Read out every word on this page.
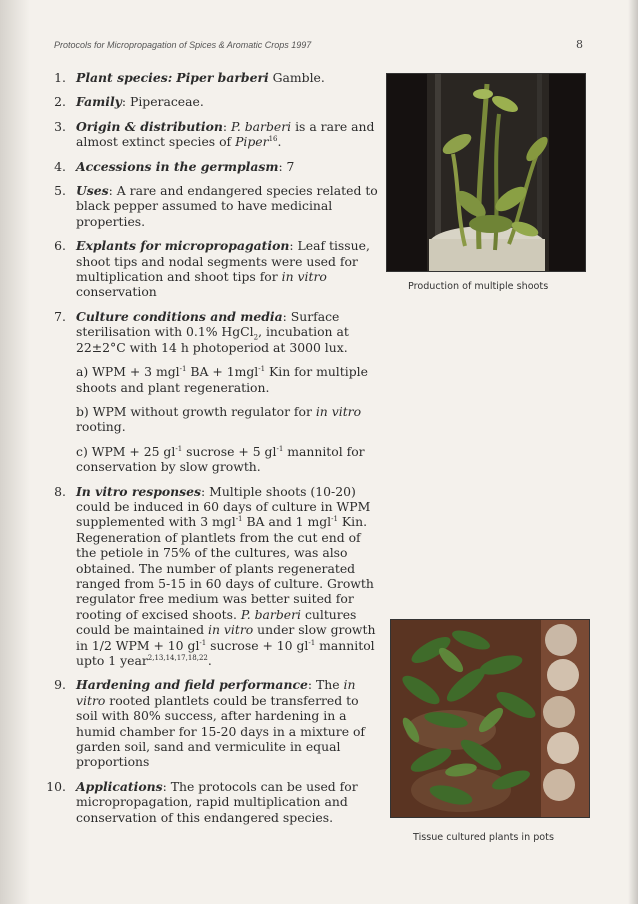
Protocols for Micropropagation of Spices & Aromatic Crops 1997	8
1. Plant species: Piper barberi Gamble.
2. Family: Piperaceae.
3. Origin & distribution: P. barberi is a rare and almost extinct species of Piper$^{16}$.
4. Accessions in the germplasm: 7
5. Uses: A rare and endangered species related to black pepper assumed to have medicinal properties.
6. Explants for micropropagation: Leaf tissue, shoot tips and nodal segments were used for multiplication and shoot tips for in vitro conservation
7. Culture conditions and media: Surface sterilisation with 0.1% HgCl$_2$, incubation at 22±2°C with 14 h photoperiod at 3000 lux.
a) WPM + 3 mgl$^{-1}$ BA + 1mgl$^{-1}$ Kin for multiple shoots and plant regeneration.
b) WPM without growth regulator for in vitro rooting.
c) WPM + 25 $gl^{-1}$ sucrose + 5 $gl^{-1}$ mannitol for conservation by slow growth.
8. In vitro responses: Multiple shoots (10-20) could be induced in 60 days of culture in WPM supplemented with 3 mgl$^{-1}$ BA and 1 mgl$^{-1}$ Kin. Regeneration of plantlets from the cut end of the petiole in 75% of the cultures, was also obtained. The number of plants regenerated ranged from 5-15 in 60 days of culture. Growth regulator free medium was better suited for rooting of excised shoots. P. barberi cultures could be maintained in vitro under slow growth in 1/2 WPM + 10 $gl^{-1}$ sucrose + 10 $gl^{-1}$ mannitol upto 1 year$^{2,13,14,17,18,22}$.
9. Hardening and field performance: The in vitro rooted plantlets could be transferred to soil with 80% success, after hardening in a humid chamber for 15-20 days in a mixture of garden soil, sand and vermiculite in equal proportions
10. Applications: The protocols can be used for micropropagation, rapid multiplication and conservation of this endangered species.
Production of multiple shoots
Tissue cultured plants in pots
